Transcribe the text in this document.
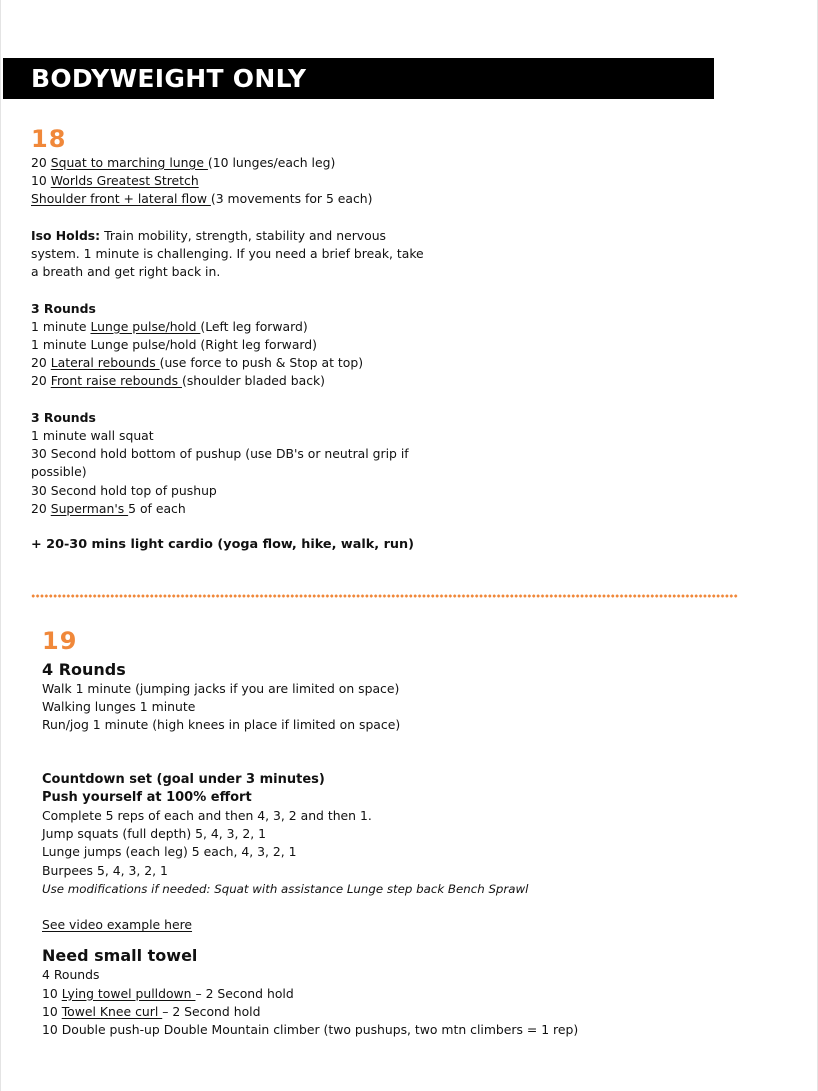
BODYWEIGHT ONLY
18
20 Squat to marching lunge (10 lunges/each leg)
10 Worlds Greatest Stretch
Shoulder front + lateral flow (3 movements for 5 each)
Iso Holds: Train mobility, strength, stability and nervous
system. 1 minute is challenging. If you need a brief break, take
a breath and get right back in.
3 Rounds
1 minute Lunge pulse/hold (Left leg forward)
1 minute Lunge pulse/hold (Right leg forward)
20 Lateral rebounds (use force to push & Stop at top)
20 Front raise rebounds (shoulder bladed back)
3 Rounds
1 minute wall squat
30 Second hold bottom of pushup (use DB's or neutral grip if
possible)
30 Second hold top of pushup
20 Superman's 5 of each
+ 20-30 mins light cardio (yoga flow, hike, walk, run)
19
4 Rounds
Walk 1 minute (jumping jacks if you are limited on space)
Walking lunges 1 minute
Run/jog 1 minute (high knees in place if limited on space)
Countdown set (goal under 3 minutes)
Push yourself at 100% effort
Complete 5 reps of each and then 4, 3, 2 and then 1.
Jump squats (full depth) 5, 4, 3, 2, 1
Lunge jumps (each leg) 5 each, 4, 3, 2, 1
Burpees 5, 4, 3, 2, 1
Use modifications if needed: Squat with assistance Lunge step back Bench Sprawl
See video example here
Need small towel
4 Rounds
10 Lying towel pulldown – 2 Second hold
10 Towel Knee curl – 2 Second hold
10 Double push-up Double Mountain climber (two pushups, two mtn climbers = 1 rep)
